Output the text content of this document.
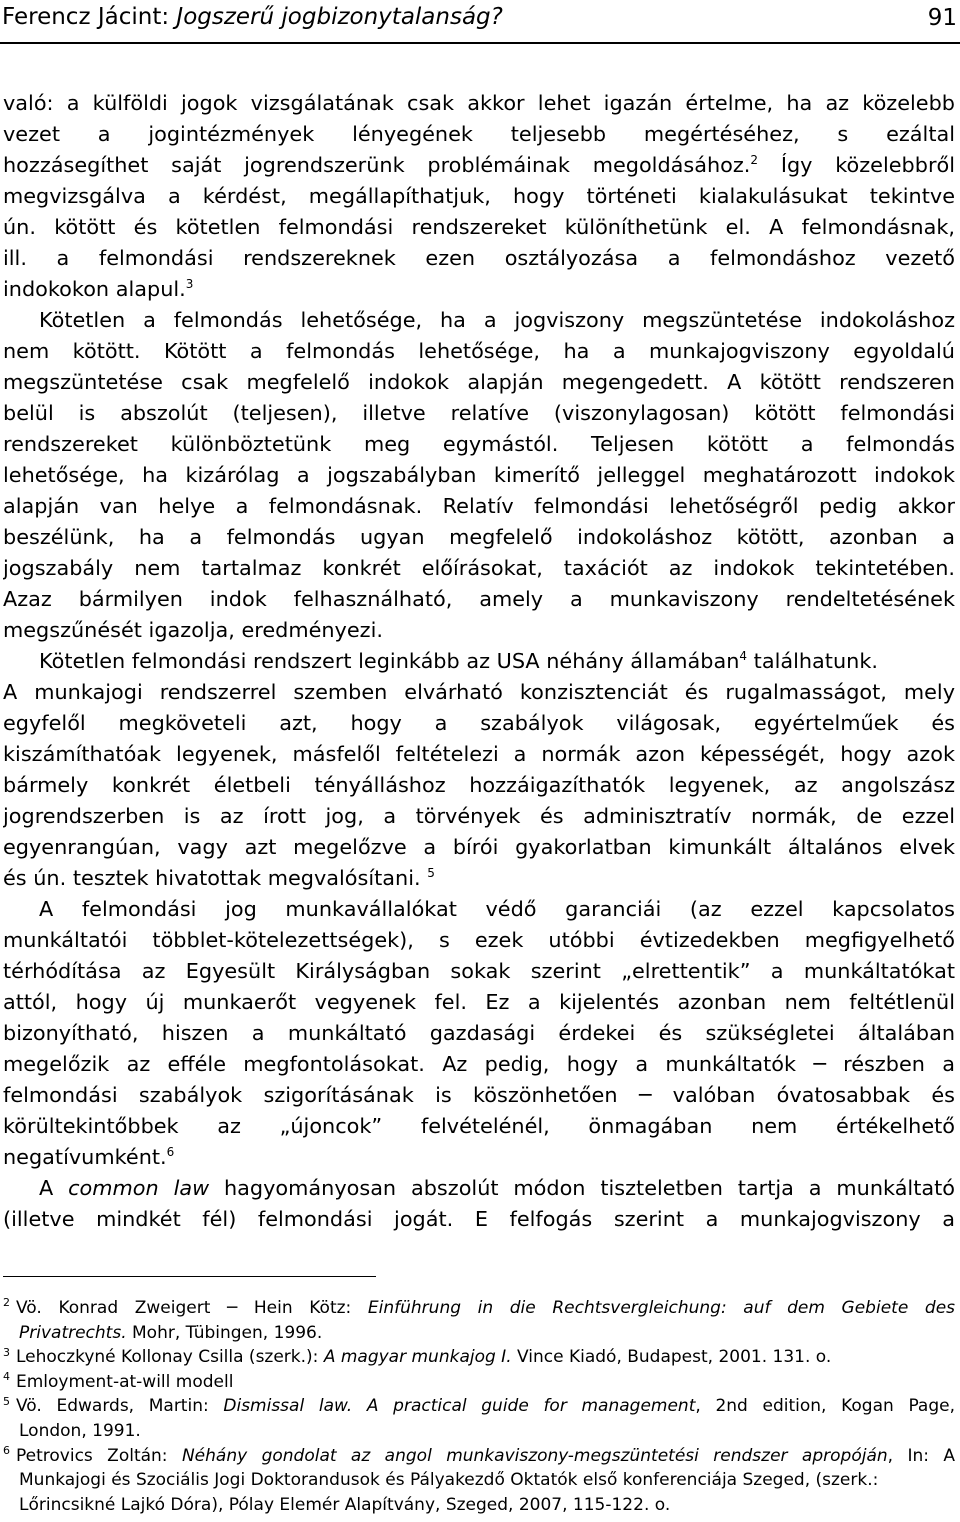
Ferencz Jácint: Jogszerű jogbizonytalanság?	91
való: a külföldi jogok vizsgálatának csak akkor lehet igazán értelme, ha az közelebb
vezet a jogintézmények lényegének teljesebb megértéséhez, s ezáltal
hozzásegíthet saját jogrendszerünk problémáinak megoldásához.$^2$ Így közelebbről
megvizsgálva a kérdést, megállapíthatjuk, hogy történeti kialakulásukat tekintve
ún. kötött és kötetlen felmondási rendszereket különíthetünk el. A felmondásnak,
ill. a felmondási rendszereknek ezen osztályozása a felmondáshoz vezető
indokokon alapul.$^3$
Kötetlen a felmondás lehetősége, ha a jogviszony megszüntetése indokoláshoz
nem kötött. Kötött a felmondás lehetősége, ha a munkajogviszony egyoldalú
megszüntetése csak megfelelő indokok alapján megengedett. A kötött rendszeren
belül is abszolút (teljesen), illetve relatíve (viszonylagosan) kötött felmondási
rendszereket különböztetünk meg egymástól. Teljesen kötött a felmondás
lehetősége, ha kizárólag a jogszabályban kimerítő jelleggel meghatározott indokok
alapján van helye a felmondásnak. Relatív felmondási lehetőségről pedig akkor
beszélünk, ha a felmondás ugyan megfelelő indokoláshoz kötött, azonban a
jogszabály nem tartalmaz konkrét előírásokat, taxációt az indokok tekintetében.
Azaz bármilyen indok felhasználható, amely a munkaviszony rendeltetésének
megszűnését igazolja, eredményezi.
Kötetlen felmondási rendszert leginkább az USA néhány államában$^4$ találhatunk.
A munkajogi rendszerrel szemben elvárható konzisztenciát és rugalmasságot, mely
egyfelől megköveteli azt, hogy a szabályok világosak, egyértelműek és
kiszámíthatóak legyenek, másfelől feltételezi a normák azon képességét, hogy azok
bármely konkrét életbeli tényálláshoz hozzáigazíthatók legyenek, az angolszász
jogrendszerben is az írott jog, a törvények és adminisztratív normák, de ezzel
egyenrangúan, vagy azt megelőzve a bírói gyakorlatban kimunkált általános elvek
és ún. tesztek hivatottak megvalósítani. $^5$
A felmondási jog munkavállalókat védő garanciái (az ezzel kapcsolatos
munkáltatói többlet-kötelezettségek), s ezek utóbbi évtizedekben megfigyelhető
térhódítása az Egyesült Királyságban sokak szerint „elrettentik” a munkáltatókat
attól, hogy új munkaerőt vegyenek fel. Ez a kijelentés azonban nem feltétlenül
bizonyítható, hiszen a munkáltató gazdasági érdekei és szükségletei általában
megelőzik az efféle megfontolásokat. Az pedig, hogy a munkáltatók ─ részben a
felmondási szabályok szigorításának is köszönhetően ─ valóban óvatosabbak és
körültekintőbbek az „újoncok” felvételénél, önmagában nem értékelhető
negatívumként.$^6$
A common law hagyományosan abszolút módon tiszteletben tartja a munkáltató
(illetve mindkét fél) felmondási jogát. E felfogás szerint a munkajogviszony a
$^2$ Vö. Konrad Zweigert ─ Hein Kötz: Einführung in die Rechtsvergleichung: auf dem Gebiete des
Privatrechts. Mohr, Tübingen, 1996.
$^3$ Lehoczkyné Kollonay Csilla (szerk.): A magyar munkajog I. Vince Kiadó, Budapest, 2001. 131. o.
$^4$ Emloyment-at-will modell
$^5$ Vö. Edwards, Martin: Dismissal law. A practical guide for management, 2nd edition, Kogan Page,
London, 1991.
$^6$ Petrovics Zoltán: Néhány gondolat az angol munkaviszony-megszüntetési rendszer apropóján, In: A
Munkajogi és Szociális Jogi Doktorandusok és Pályakezdő Oktatók első konferenciája Szeged, (szerk.:
Lőrincsikné Lajkó Dóra), Pólay Elemér Alapítvány, Szeged, 2007, 115-122. o.
